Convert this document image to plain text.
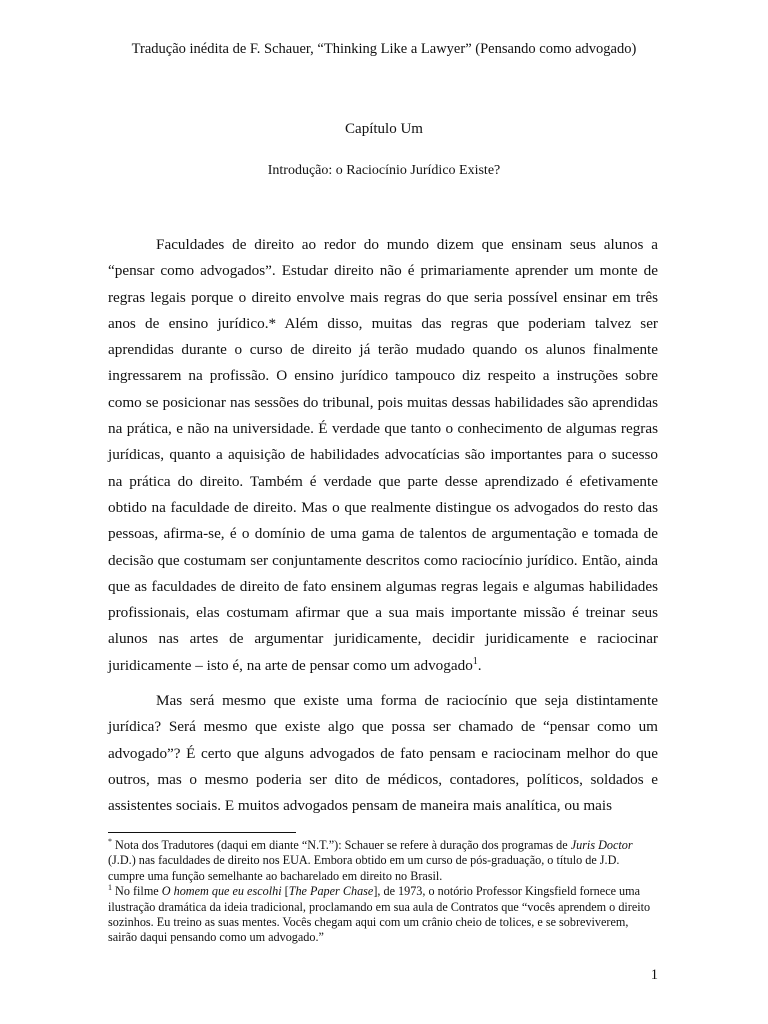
Tradução inédita de F. Schauer, “Thinking Like a Lawyer” (Pensando como advogado)
Capítulo Um
Introdução: o Raciocínio Jurídico Existe?

Faculdades de direito ao redor do mundo dizem que ensinam seus alunos a “pensar como advogados”. Estudar direito não é primariamente aprender um monte de regras legais porque o direito envolve mais regras do que seria possível ensinar em três anos de ensino jurídico.* Além disso, muitas das regras que poderiam talvez ser aprendidas durante o curso de direito já terão mudado quando os alunos finalmente ingressarem na profissão. O ensino jurídico tampouco diz respeito a instruções sobre como se posicionar nas sessões do tribunal, pois muitas dessas habilidades são aprendidas na prática, e não na universidade. É verdade que tanto o conhecimento de algumas regras jurídicas, quanto a aquisição de habilidades advocatícias são importantes para o sucesso na prática do direito. Também é verdade que parte desse aprendizado é efetivamente obtido na faculdade de direito. Mas o que realmente distingue os advogados do resto das pessoas, afirma-se, é o domínio de uma gama de talentos de argumentação e tomada de decisão que costumam ser conjuntamente descritos como raciocínio jurídico. Então, ainda que as faculdades de direito de fato ensinem algumas regras legais e algumas habilidades profissionais, elas costumam afirmar que a sua mais importante missão é treinar seus alunos nas artes de argumentar juridicamente, decidir juridicamente e raciocinar juridicamente – isto é, na arte de pensar como um advogado$^1$.

Mas será mesmo que existe uma forma de raciocínio que seja distintamente jurídica? Será mesmo que existe algo que possa ser chamado de “pensar como um advogado”? É certo que alguns advogados de fato pensam e raciocinam melhor do que outros, mas o mesmo poderia ser dito de médicos, contadores, políticos, soldados e assistentes sociais. E muitos advogados pensam de maneira mais analítica, ou mais

* Nota dos Tradutores (daqui em diante “N.T.”): Schauer se refere à duração dos programas de Juris Doctor (J.D.) nas faculdades de direito nos EUA. Embora obtido em um curso de pós-graduação, o título de J.D. cumpre uma função semelhante ao bacharelado em direito no Brasil.

$^1$ No filme O homem que eu escolhi [The Paper Chase], de 1973, o notório Professor Kingsfield fornece uma ilustração dramática da ideia tradicional, proclamando em sua aula de Contratos que “vocês aprendem o direito sozinhos. Eu treino as suas mentes. Vocês chegam aqui com um crânio cheio de tolices, e se sobreviverem, sairão daqui pensando como um advogado.”

1
